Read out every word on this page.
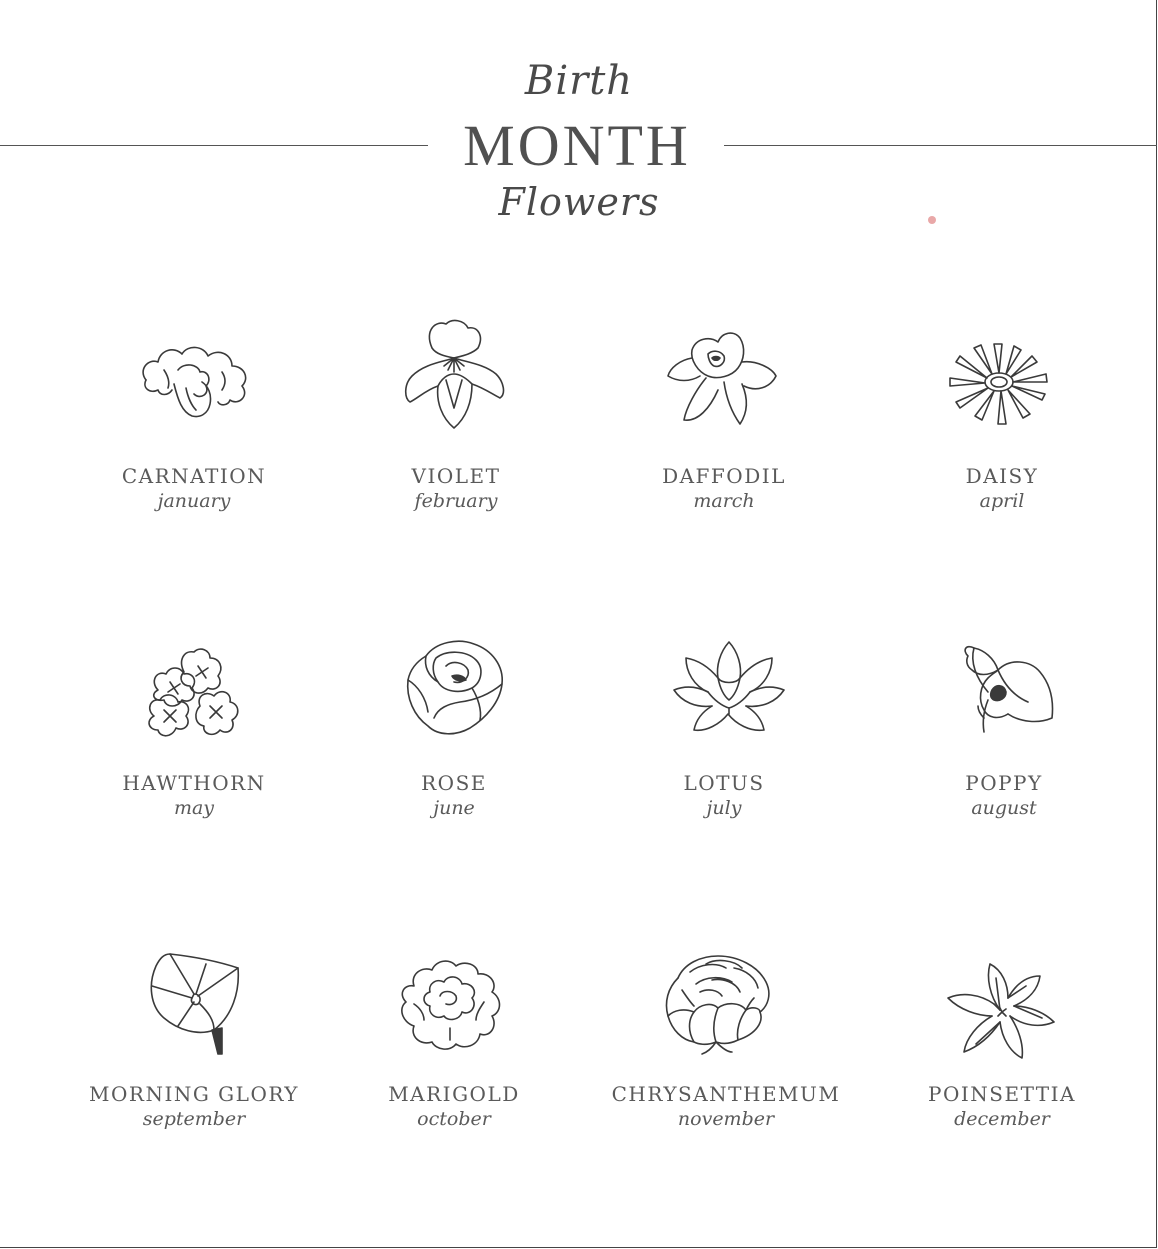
Birth
MONTH
Flowers
CARNATION
january
VIOLET
february
DAFFODIL
march
DAISY
april
HAWTHORN
may
ROSE
june
LOTUS
july
POPPY
august
MORNING GLORY
september
MARIGOLD
october
CHRYSANTHEMUM
november
POINSETTIA
december
